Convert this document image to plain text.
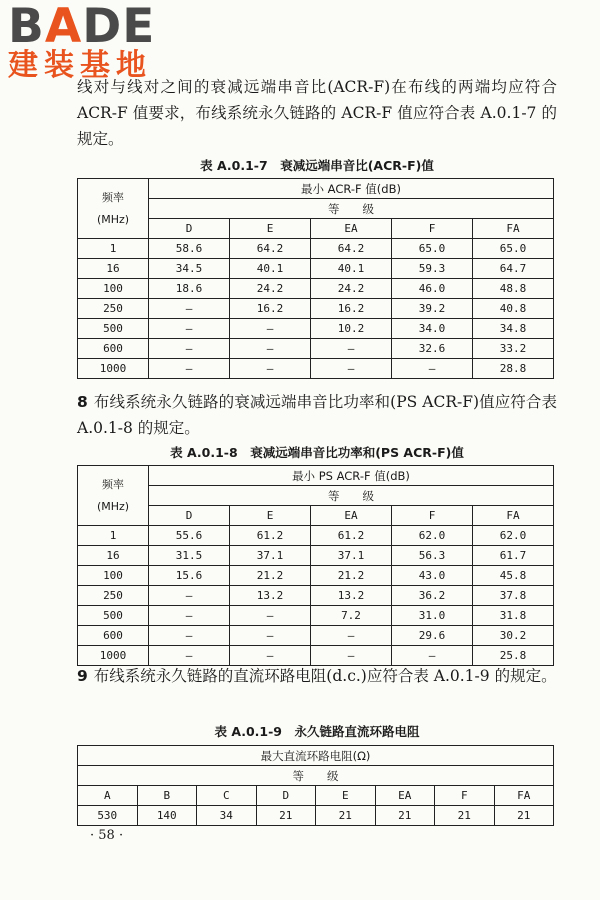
BADE
建装基地

线对与线对之间的衰减远端串音比(ACR-F)在布线的两端均应符合 ACR-F 值要求，布线系统永久链路的 ACR-F 值应符合表 A.0.1-7 的规定。

表 A.0.1-7　衰减远端串音比(ACR-F)值
频率
(MHz)	最小 ACR-F 值(dB)				
	等　　级				
	D	E	EA	F	FA
1	58.6	64.2	64.2	65.0	65.0
16	34.5	40.1	40.1	59.3	64.7
100	18.6	24.2	24.2	46.0	48.8
250	—	16.2	16.2	39.2	40.8
500	—	—	10.2	34.0	34.8
600	—	—	—	32.6	33.2
1000	—	—	—	—	28.8

8 布线系统永久链路的衰减远端串音比功率和(PS ACR-F)值应符合表 A.0.1-8 的规定。

表 A.0.1-8　衰减远端串音比功率和(PS ACR-F)值
频率
(MHz)	最小 PS ACR-F 值(dB)				
	等　　级				
	D	E	EA	F	FA
1	55.6	61.2	61.2	62.0	62.0
16	31.5	37.1	37.1	56.3	61.7
100	15.6	21.2	21.2	43.0	45.8
250	—	13.2	13.2	36.2	37.8
500	—	—	7.2	31.0	31.8
600	—	—	—	29.6	30.2
1000	—	—	—	—	25.8

9 布线系统永久链路的直流环路电阻(d.c.)应符合表 A.0.1-9 的规定。

表 A.0.1-9　永久链路直流环路电阻
最大直流环路电阻(Ω)							
等　　级							
A	B	C	D	E	EA	F	FA
530	140	34	21	21	21	21	21
· 58 ·
